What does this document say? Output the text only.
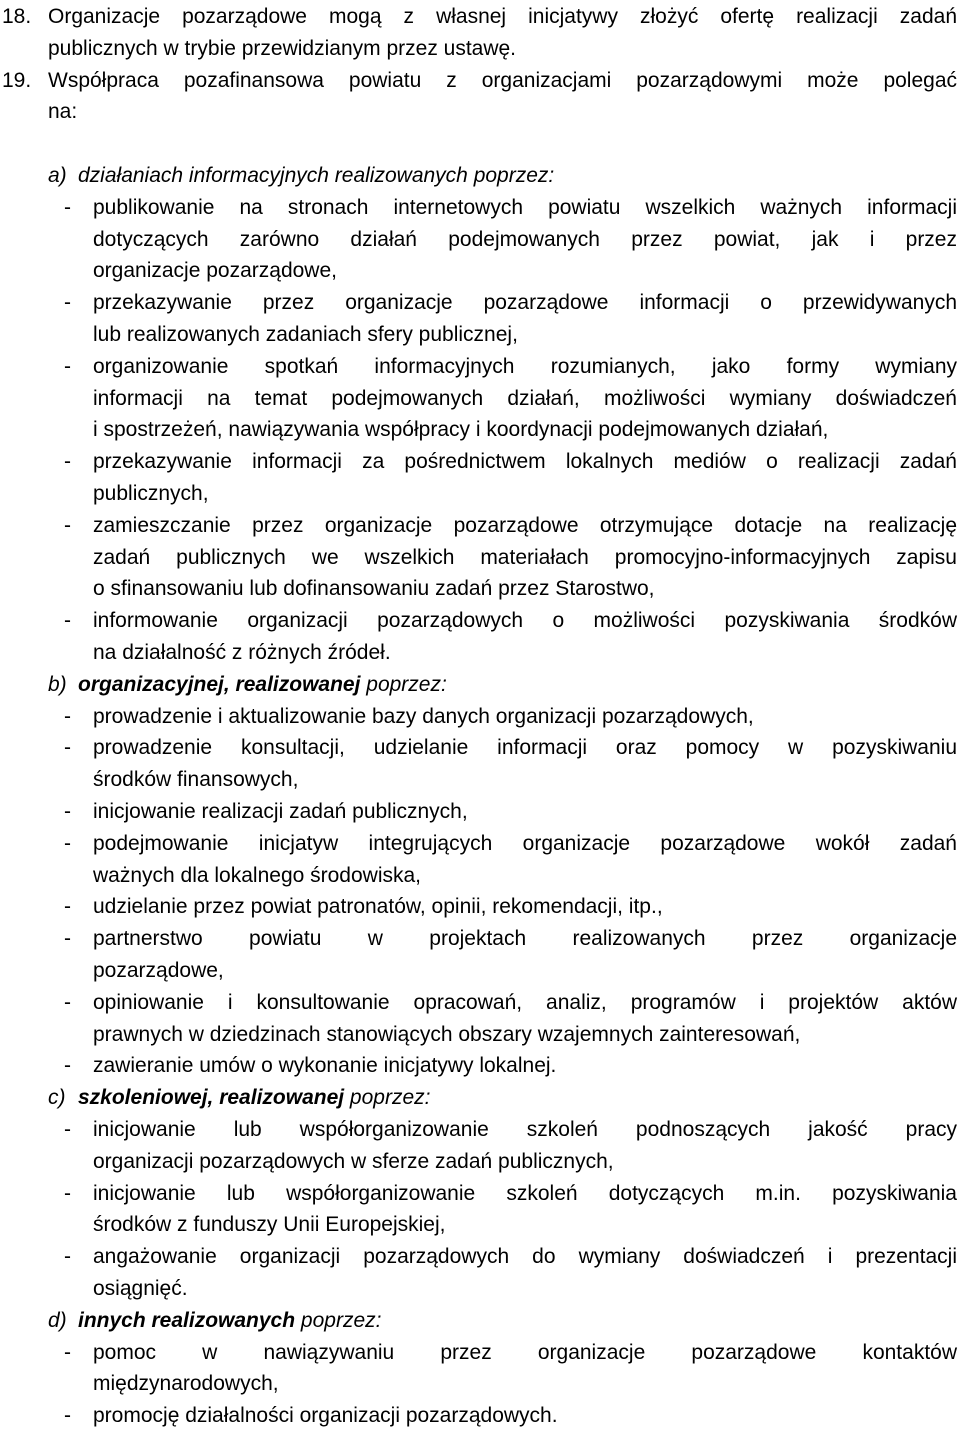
18. Organizacje pozarządowe mogą z własnej inicjatywy złożyć ofertę realizacji zadań
publicznych w trybie przewidzianym przez ustawę.
19. Współpraca pozafinansowa powiatu z organizacjami pozarządowymi może polegać
na:
a) działaniach informacyjnych realizowanych poprzez:
- publikowanie na stronach internetowych powiatu wszelkich ważnych informacji
dotyczących zarówno działań podejmowanych przez powiat, jak i przez
organizacje pozarządowe,
- przekazywanie przez organizacje pozarządowe informacji o przewidywanych
lub realizowanych zadaniach sfery publicznej,
- organizowanie spotkań informacyjnych rozumianych, jako formy wymiany
informacji na temat podejmowanych działań, możliwości wymiany doświadczeń
i spostrzeżeń, nawiązywania współpracy i koordynacji podejmowanych działań,
- przekazywanie informacji za pośrednictwem lokalnych mediów o realizacji zadań
publicznych,
- zamieszczanie przez organizacje pozarządowe otrzymujące dotacje na realizację
zadań publicznych we wszelkich materiałach promocyjno-informacyjnych zapisu
o sfinansowaniu lub dofinansowaniu zadań przez Starostwo,
- informowanie organizacji pozarządowych o możliwości pozyskiwania środków
na działalność z różnych źródeł.
b) organizacyjnej, realizowanej poprzez:
- prowadzenie i aktualizowanie bazy danych organizacji pozarządowych,
- prowadzenie konsultacji, udzielanie informacji oraz pomocy w pozyskiwaniu
środków finansowych,
- inicjowanie realizacji zadań publicznych,
- podejmowanie inicjatyw integrujących organizacje pozarządowe wokół zadań
ważnych dla lokalnego środowiska,
- udzielanie przez powiat patronatów, opinii, rekomendacji, itp.,
- partnerstwo powiatu w projektach realizowanych przez organizacje
pozarządowe,
- opiniowanie i konsultowanie opracowań, analiz, programów i projektów aktów
prawnych w dziedzinach stanowiących obszary wzajemnych zainteresowań,
- zawieranie umów o wykonanie inicjatywy lokalnej.
c) szkoleniowej, realizowanej poprzez:
- inicjowanie lub współorganizowanie szkoleń podnoszących jakość pracy
organizacji pozarządowych w sferze zadań publicznych,
- inicjowanie lub współorganizowanie szkoleń dotyczących m.in. pozyskiwania
środków z funduszy Unii Europejskiej,
- angażowanie organizacji pozarządowych do wymiany doświadczeń i prezentacji
osiągnięć.
d) innych realizowanych poprzez:
- pomoc w nawiązywaniu przez organizacje pozarządowe kontaktów
międzynarodowych,
- promocję działalności organizacji pozarządowych.
